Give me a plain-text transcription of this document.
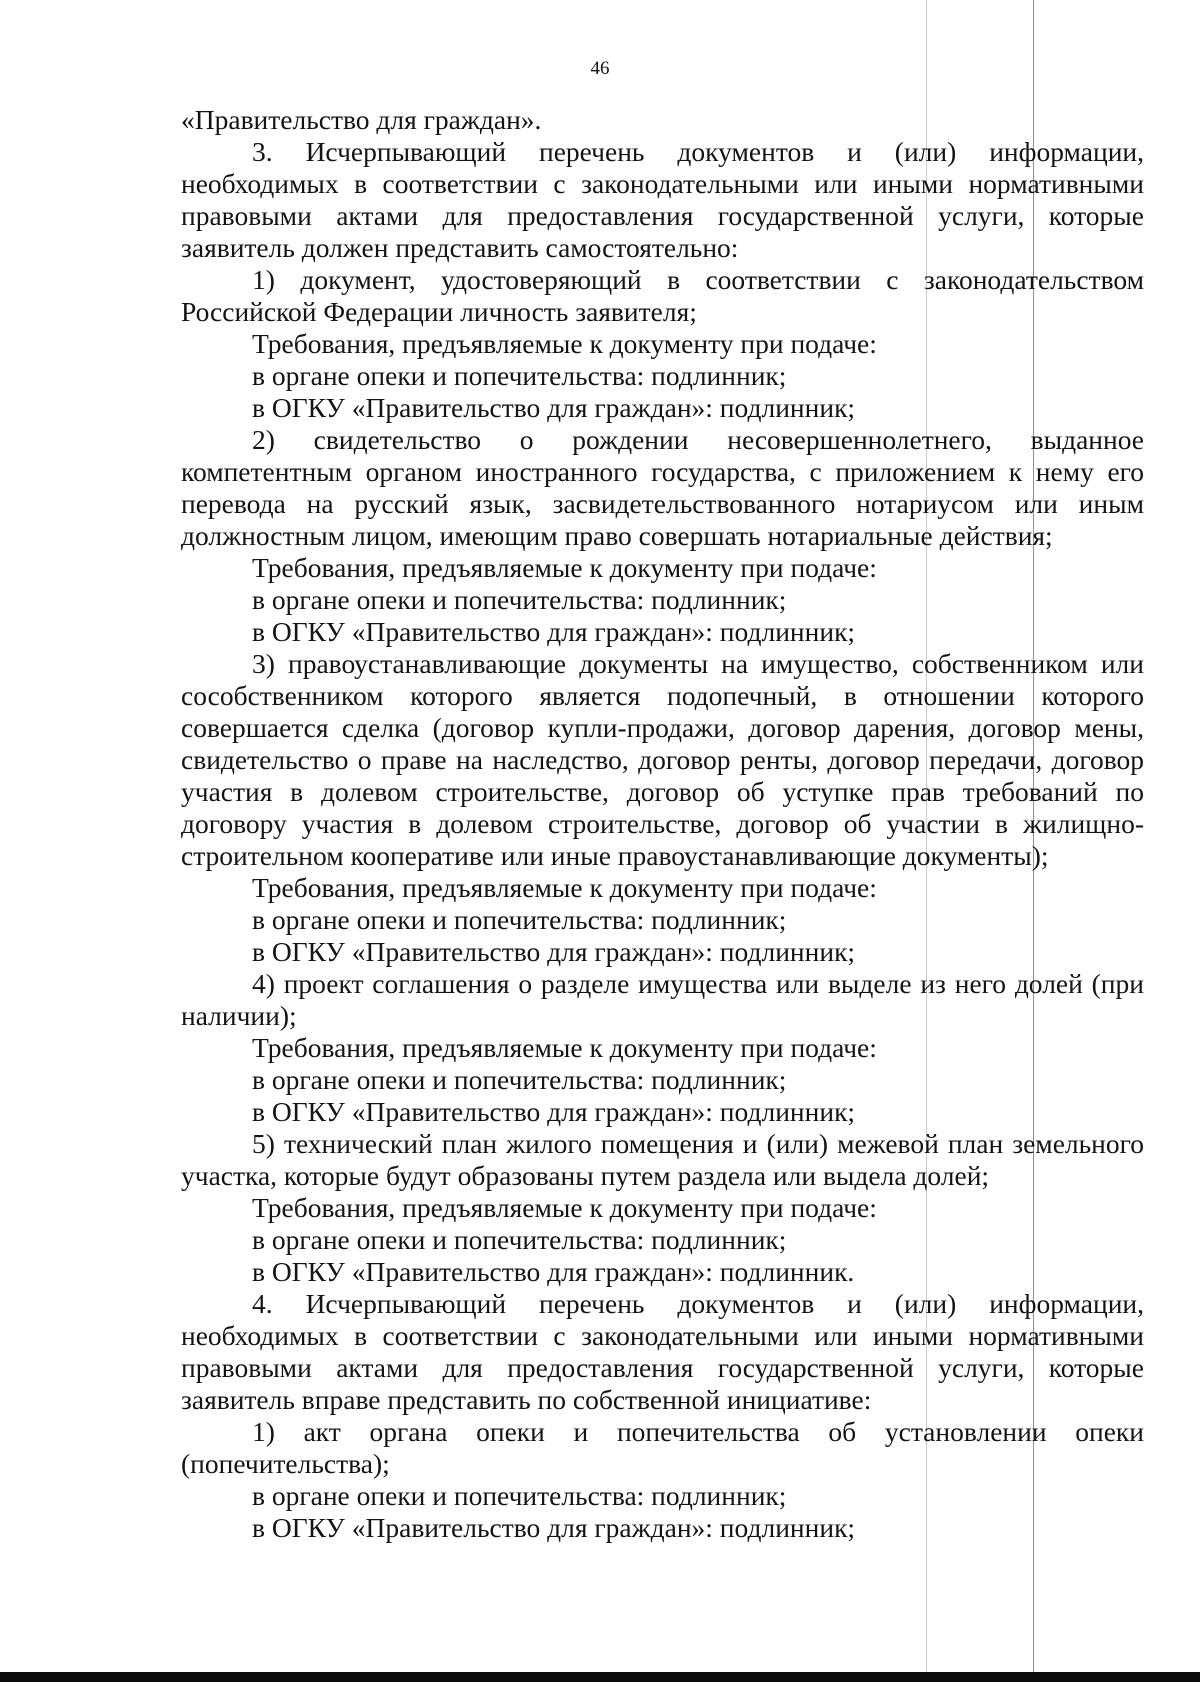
46

«Правительство для граждан».

3. Исчерпывающий перечень документов и (или) информации, необходимых в соответствии с законодательными или иными нормативными правовыми актами для предоставления государственной услуги, которые заявитель должен представить самостоятельно:

1) документ, удостоверяющий в соответствии с законодательством Российской Федерации личность заявителя;

Требования, предъявляемые к документу при подаче:

в органе опеки и попечительства: подлинник;

в ОГКУ «Правительство для граждан»: подлинник;

2) свидетельство о рождении несовершеннолетнего, выданное компетентным органом иностранного государства, с приложением к нему его перевода на русский язык, засвидетельствованного нотариусом или иным должностным лицом, имеющим право совершать нотариальные действия;

Требования, предъявляемые к документу при подаче:

в органе опеки и попечительства: подлинник;

в ОГКУ «Правительство для граждан»: подлинник;

3) правоустанавливающие документы на имущество, собственником или сособственником которого является подопечный, в отношении которого совершается сделка (договор купли-продажи, договор дарения, договор мены, свидетельство о праве на наследство, договор ренты, договор передачи, договор участия в долевом строительстве, договор об уступке прав требований по договору участия в долевом строительстве, договор об участии в жилищно-строительном кооперативе или иные правоустанавливающие документы);

Требования, предъявляемые к документу при подаче:

в органе опеки и попечительства: подлинник;

в ОГКУ «Правительство для граждан»: подлинник;

4) проект соглашения о разделе имущества или выделе из него долей (при наличии);

Требования, предъявляемые к документу при подаче:

в органе опеки и попечительства: подлинник;

в ОГКУ «Правительство для граждан»: подлинник;

5) технический план жилого помещения и (или) межевой план земельного участка, которые будут образованы путем раздела или выдела долей;

Требования, предъявляемые к документу при подаче:

в органе опеки и попечительства: подлинник;

в ОГКУ «Правительство для граждан»: подлинник.

4. Исчерпывающий перечень документов и (или) информации, необходимых в соответствии с законодательными или иными нормативными правовыми актами для предоставления государственной услуги, которые заявитель вправе представить по собственной инициативе:

1) акт органа опеки и попечительства об установлении опеки (попечительства);

в органе опеки и попечительства: подлинник;

в ОГКУ «Правительство для граждан»: подлинник;
